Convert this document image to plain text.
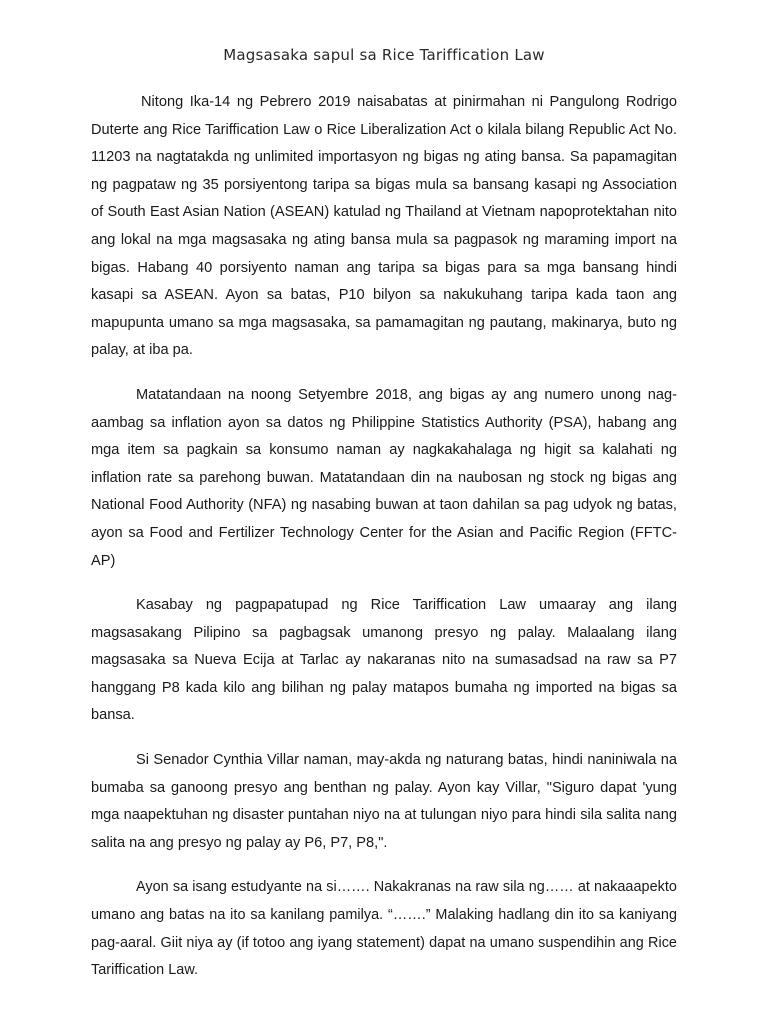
Magsasaka sapul sa Rice Tariffication Law

Nitong Ika-14 ng Pebrero 2019 naisabatas at pinirmahan ni Pangulong Rodrigo Duterte ang Rice Tariffication Law o Rice Liberalization Act o kilala bilang Republic Act No. 11203 na nagtatakda ng unlimited importasyon ng bigas ng ating bansa. Sa papamagitan ng pagpataw ng 35 porsiyentong taripa sa bigas mula sa bansang kasapi ng Association of South East Asian Nation (ASEAN) katulad ng Thailand at Vietnam napoprotektahan nito ang lokal na mga magsasaka ng ating bansa mula sa pagpasok ng maraming import na bigas. Habang 40 porsiyento naman ang taripa sa bigas para sa mga bansang hindi kasapi sa ASEAN. Ayon sa batas, P10 bilyon sa nakukuhang taripa kada taon ang mapupunta umano sa mga magsasaka, sa pamamagitan ng pautang, makinarya, buto ng palay, at iba pa.

Matatandaan na noong Setyembre 2018, ang bigas ay ang numero unong nag-aambag sa inflation ayon sa datos ng Philippine Statistics Authority (PSA), habang ang mga item sa pagkain sa konsumo naman ay nagkakahalaga ng higit sa kalahati ng inflation rate sa parehong buwan. Matatandaan din na naubosan ng stock ng bigas ang National Food Authority (NFA) ng nasabing buwan at taon dahilan sa pag udyok ng batas, ayon sa Food and Fertilizer Technology Center for the Asian and Pacific Region (FFTC-AP)

Kasabay ng pagpapatupad ng Rice Tariffication Law umaaray ang ilang magsasakang Pilipino sa pagbagsak umanong presyo ng palay. Malaalang ilang magsasaka sa Nueva Ecija at Tarlac ay nakaranas nito na sumasadsad na raw sa P7 hanggang P8 kada kilo ang bilihan ng palay matapos bumaha ng imported na bigas sa bansa.

Si Senador Cynthia Villar naman, may-akda ng naturang batas, hindi naniniwala na bumaba sa ganoong presyo ang benthan ng palay. Ayon kay Villar, "Siguro dapat 'yung mga naapektuhan ng disaster puntahan niyo na at tulungan niyo para hindi sila salita nang salita na ang presyo ng palay ay P6, P7, P8,".

Ayon sa isang estudyante na si……. Nakakranas na raw sila ng…… at nakaaapekto umano ang batas na ito sa kanilang pamilya. “…….” Malaking hadlang din ito sa kaniyang pag-aaral. Giit niya ay (if totoo ang iyang statement) dapat na umano suspendihin ang Rice Tariffication Law.
